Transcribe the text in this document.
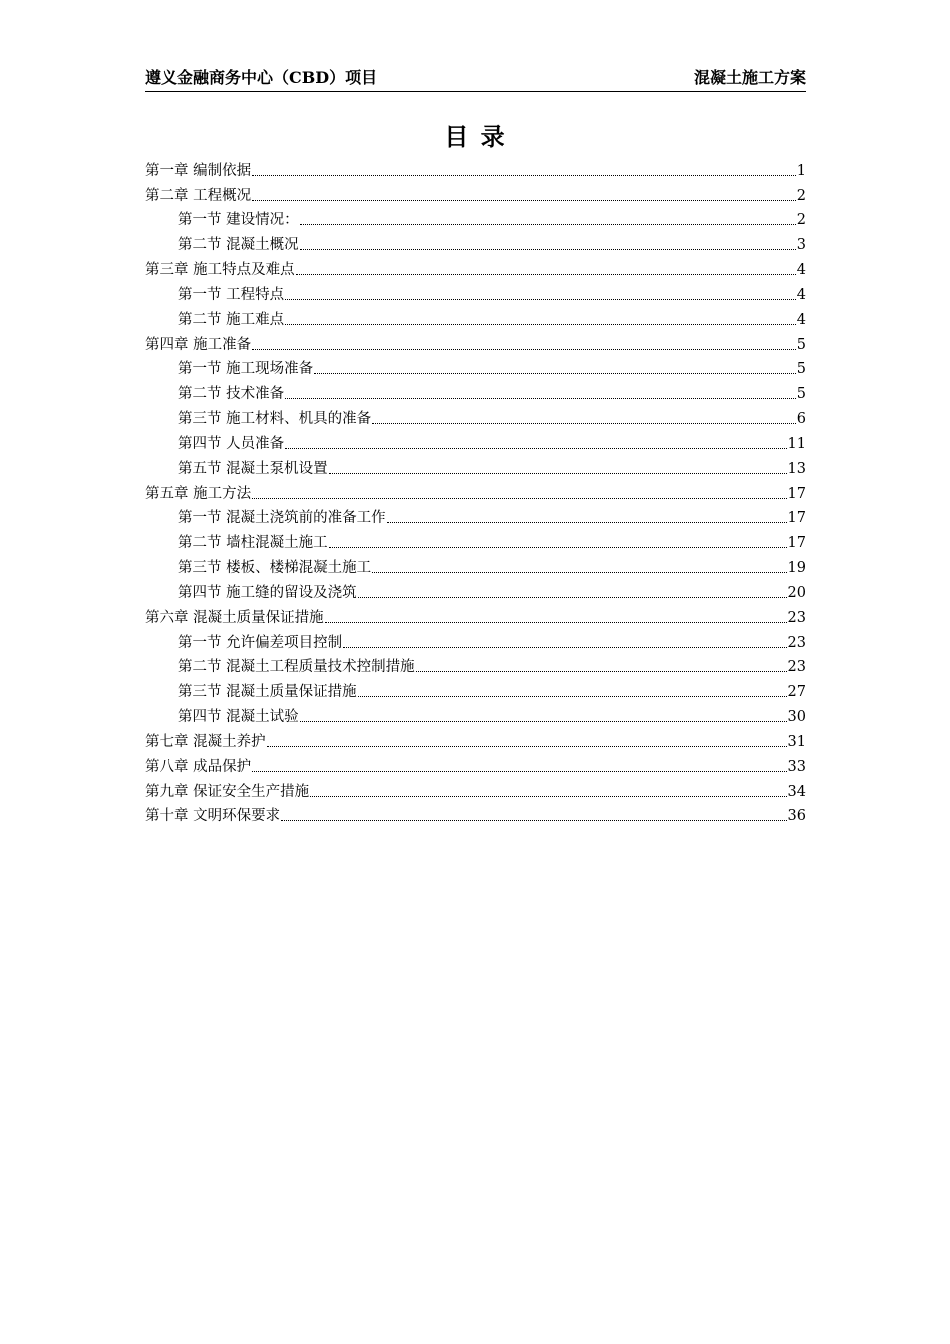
遵义金融商务中心（CBD）项目	混凝土施工方案
目 录
第一章 编制依据	1
第二章 工程概况	2
第一节 建设情况：	2
第二节 混凝土概况	3
第三章 施工特点及难点	4
第一节 工程特点	4
第二节 施工难点	4
第四章 施工准备	5
第一节 施工现场准备	5
第二节 技术准备	5
第三节 施工材料、机具的准备	6
第四节 人员准备	11
第五节 混凝土泵机设置	13
第五章 施工方法	17
第一节 混凝土浇筑前的准备工作	17
第二节 墙柱混凝土施工	17
第三节 楼板、楼梯混凝土施工	19
第四节 施工缝的留设及浇筑	20
第六章 混凝土质量保证措施	23
第一节 允许偏差项目控制	23
第二节 混凝土工程质量技术控制措施	23
第三节 混凝土质量保证措施	27
第四节 混凝土试验	30
第七章 混凝土养护	31
第八章 成品保护	33
第九章 保证安全生产措施	34
第十章 文明环保要求	36
